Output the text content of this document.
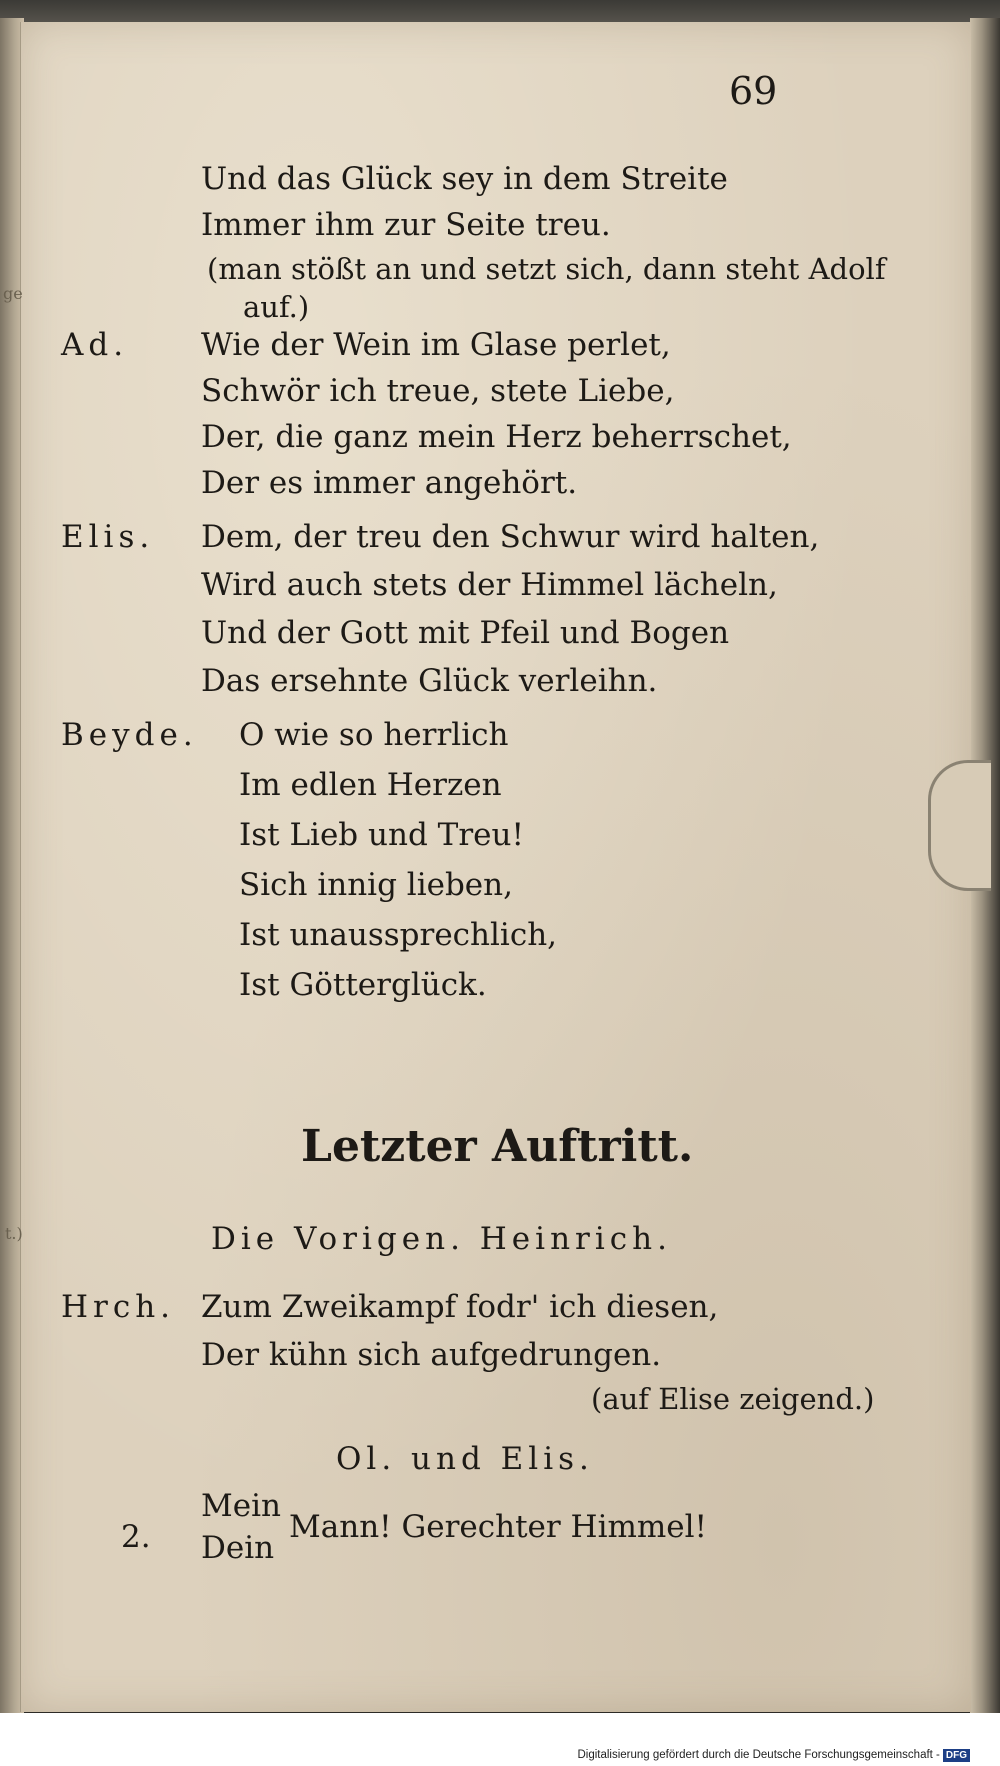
69
ge
t.)
Und das Glück sey in dem Streite
Immer ihm zur Seite treu.
(man stößt an und setzt sich, dann steht Adolf
auf.)
Ad. Wie der Wein im Glase perlet,
Schwör ich treue, stete Liebe,
Der, die ganz mein Herz beherrschet,
Der es immer angehört.
Elis. Dem, der treu den Schwur wird halten,
Wird auch stets der Himmel lächeln,
Und der Gott mit Pfeil und Bogen
Das ersehnte Glück verleihn.
Beyde. O wie so herrlich
Im edlen Herzen
Ist Lieb und Treu!
Sich innig lieben,
Ist unaussprechlich,
Ist Götterglück.
Letzter Auftritt.
Die Vorigen. Heinrich.
Hrch. Zum Zweikampf fodr' ich diesen,
Der kühn sich aufgedrungen.
(auf Elise zeigend.)
Ol. und Elis.
2.
Mein
Dein
Mann! Gerechter Himmel!
Digitalisierung gefördert durch die Deutsche Forschungsgemeinschaft - DFG
